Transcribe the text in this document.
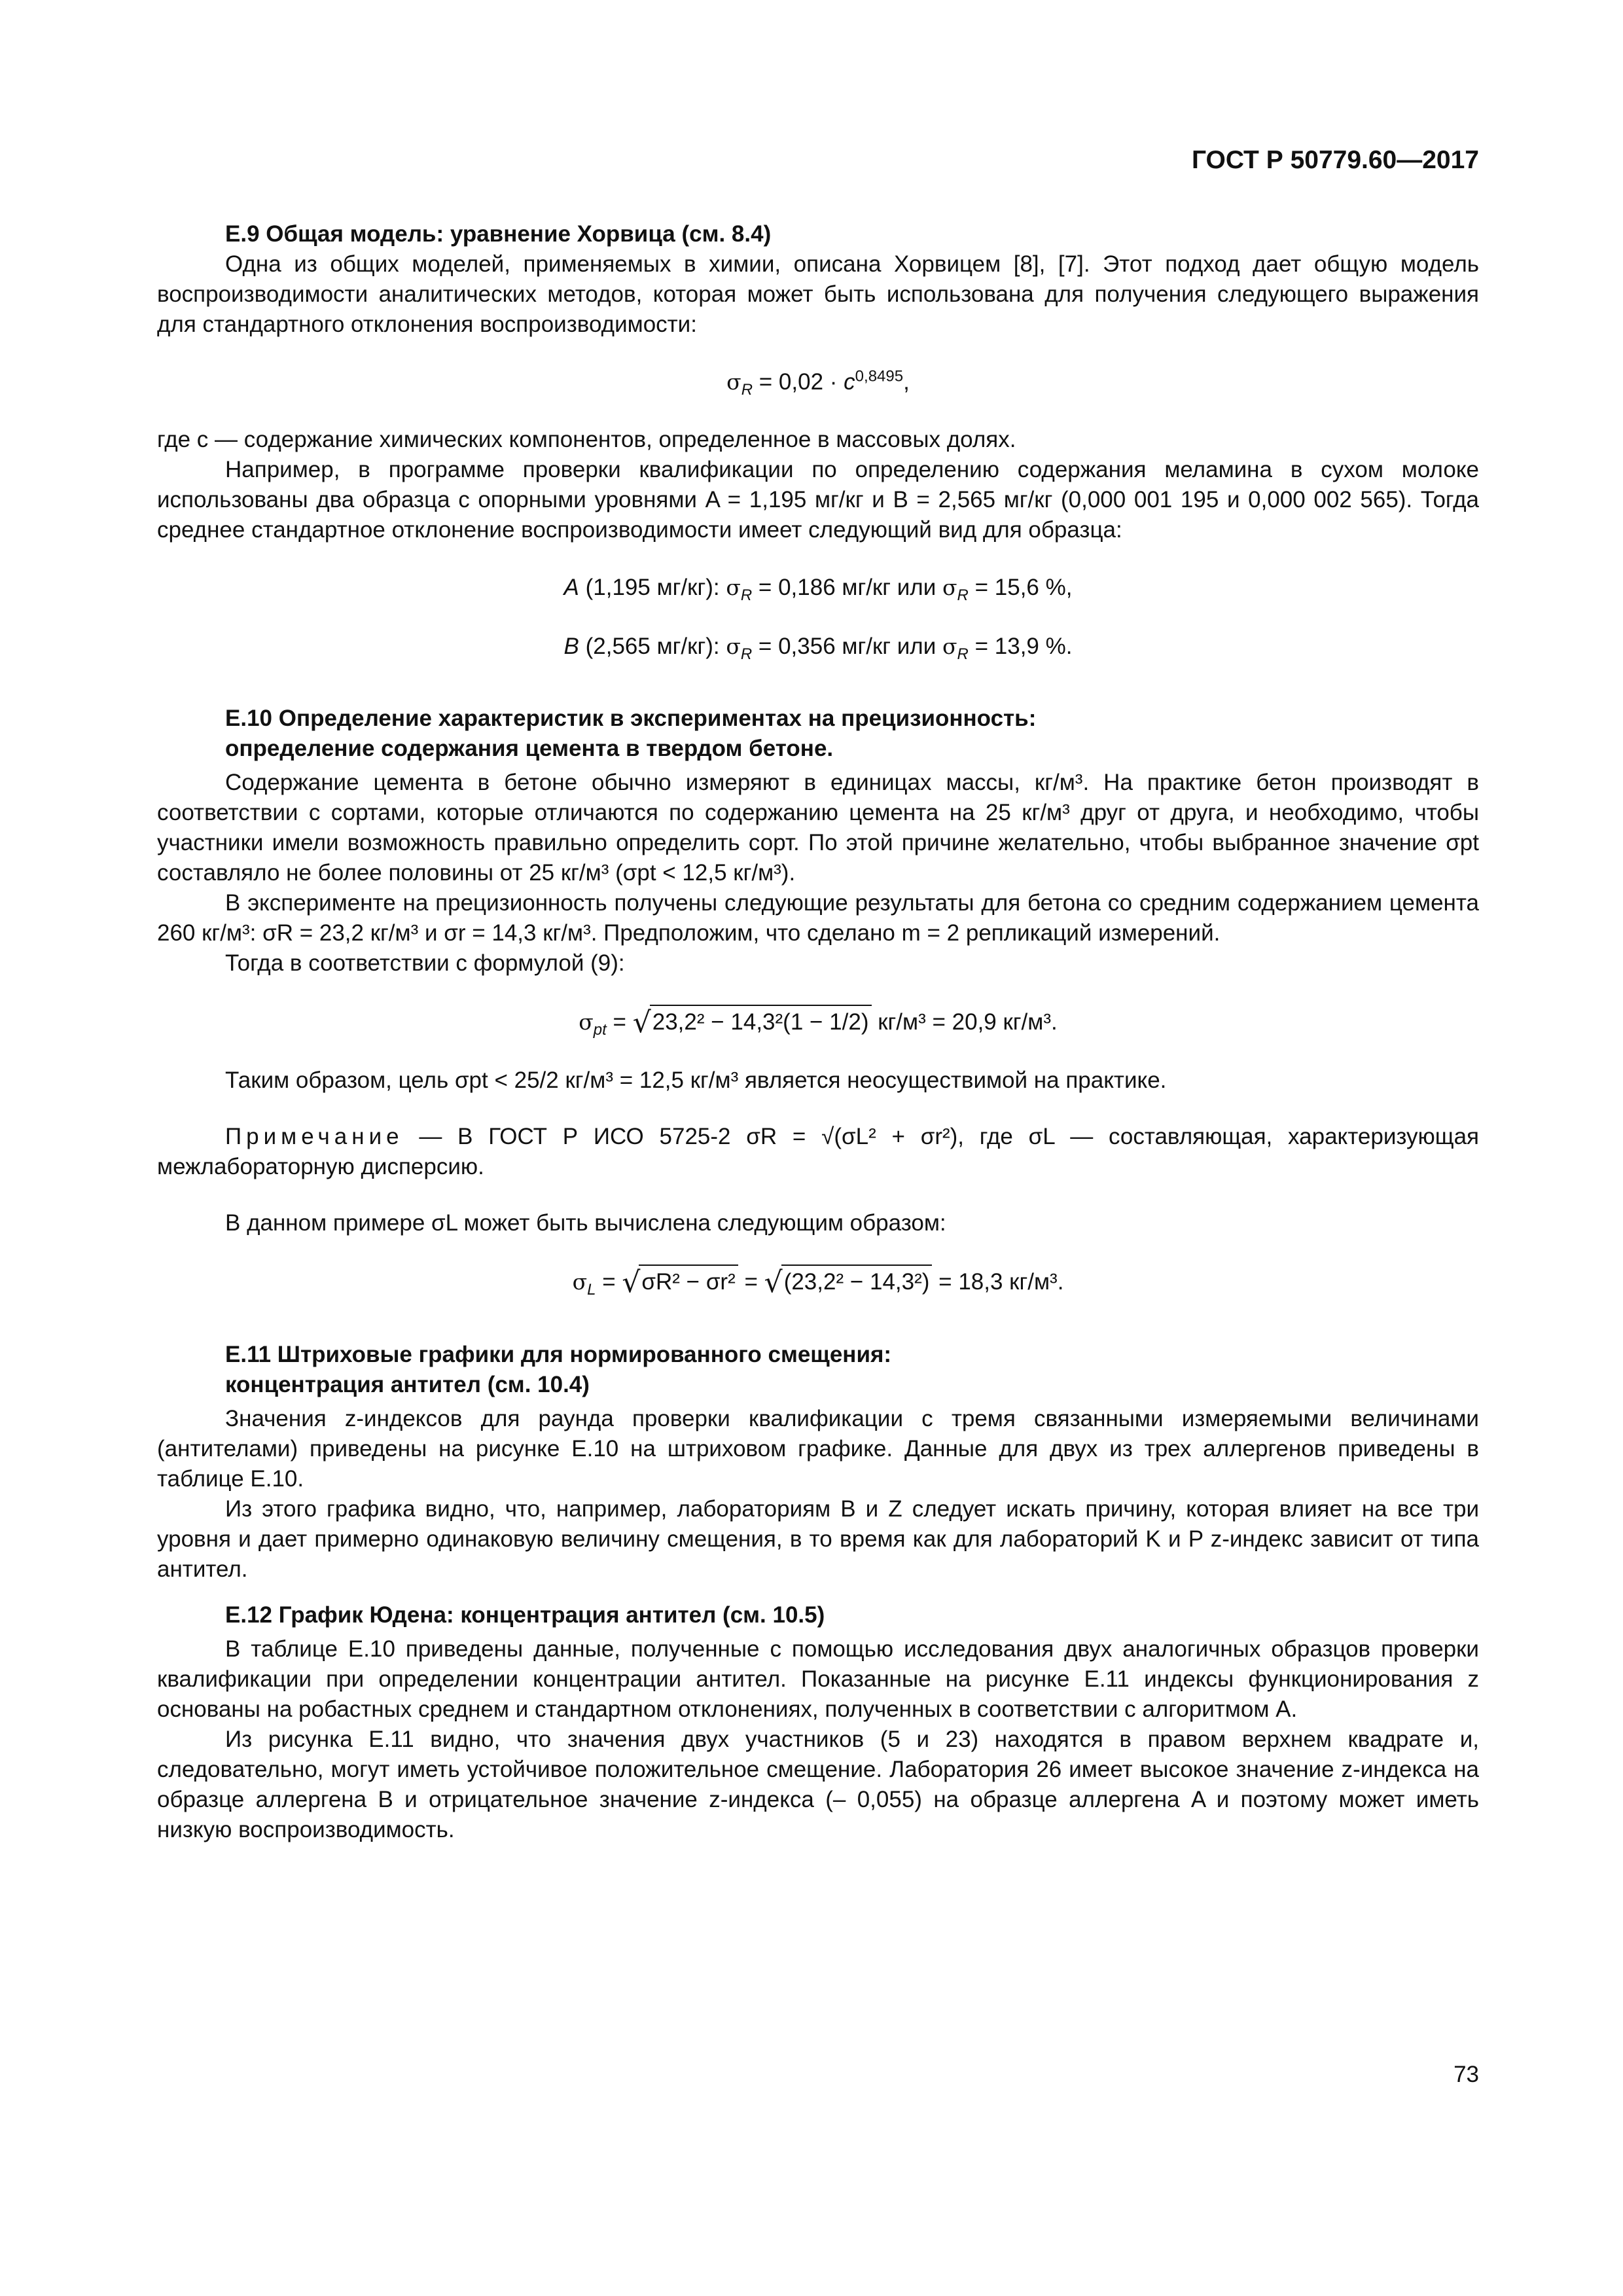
ГОСТ Р 50779.60—2017
Е.9 Общая модель: уравнение Хорвица (см. 8.4)

Одна из общих моделей, применяемых в химии, описана Хорвицем [8], [7]. Этот подход дает общую модель воспроизводимости аналитических методов, которая может быть использована для получения следующего выражения для стандартного отклонения воспроизводимости:

$\sigma_R = 0,02 \cdot c^{0,8495}$,

где c — содержание химических компонентов, определенное в массовых долях.

Например, в программе проверки квалификации по определению содержания меламина в сухом молоке использованы два образца с опорными уровнями A = 1,195 мг/кг и B = 2,565 мг/кг (0,000 001 195 и 0,000 002 565). Тогда среднее стандартное отклонение воспроизводимости имеет следующий вид для образца:

A (1,195 мг/кг): $\sigma_R = 0,186$ мг/кг или $\sigma_R = 15,6$ %,
B (2,565 мг/кг): $\sigma_R = 0,356$ мг/кг или $\sigma_R = 13,9$ %.
Е.10 Определение характеристик в экспериментах на прецизионность:
определение содержания цемента в твердом бетоне.

Содержание цемента в бетоне обычно измеряют в единицах массы, кг/м³. На практике бетон производят в соответствии с сортами, которые отличаются по содержанию цемента на 25 кг/м³ друг от друга, и необходимо, чтобы участники имели возможность правильно определить сорт. По этой причине желательно, чтобы выбранное значение σpt составляло не более половины от 25 кг/м³ (σpt < 12,5 кг/м³).

В эксперименте на прецизионность получены следующие результаты для бетона со средним содержанием цемента 260 кг/м³: σR = 23,2 кг/м³ и σr = 14,3 кг/м³. Предположим, что сделано m = 2 репликаций измерений.

Тогда в соответствии с формулой (9):

$\sigma_{pt} = √23,2^2 - 14,3^2(1 - 1/2) кг/м^3 = 20,9$ кг/м³.

Таким образом, цель σpt < 25/2 кг/м³ = 12,5 кг/м³ является неосуществимой на практике.

Примечание — В ГОСТ Р ИСО 5725-2 σR = √(σL² + σr²), где σL — составляющая, характеризующая межлабораторную дисперсию.

В данном примере σL может быть вычислена следующим образом:

$\sigma_L = √\sigma R^2 - \sigma r^2 = √(23,2^2 - 14,3^2) = 18,3$ кг/м³.
Е.11 Штриховые графики для нормированного смещения:
концентрация антител (см. 10.4)

Значения z-индексов для раунда проверки квалификации с тремя связанными измеряемыми величинами (антителами) приведены на рисунке Е.10 на штриховом графике. Данные для двух из трех аллергенов приведены в таблице Е.10.

Из этого графика видно, что, например, лабораториям B и Z следует искать причину, которая влияет на все три уровня и дает примерно одинаковую величину смещения, в то время как для лабораторий K и P z-индекс зависит от типа антител.

Е.12 График Юдена: концентрация антител (см. 10.5)

В таблице Е.10 приведены данные, полученные с помощью исследования двух аналогичных образцов проверки квалификации при определении концентрации антител. Показанные на рисунке Е.11 индексы функционирования z основаны на робастных среднем и стандартном отклонениях, полученных в соответствии с алгоритмом A.

Из рисунка Е.11 видно, что значения двух участников (5 и 23) находятся в правом верхнем квадрате и, следовательно, могут иметь устойчивое положительное смещение. Лаборатория 26 имеет высокое значение z-индекса на образце аллергена B и отрицательное значение z-индекса (– 0,055) на образце аллергена A и поэтому может иметь низкую воспроизводимость.

73
